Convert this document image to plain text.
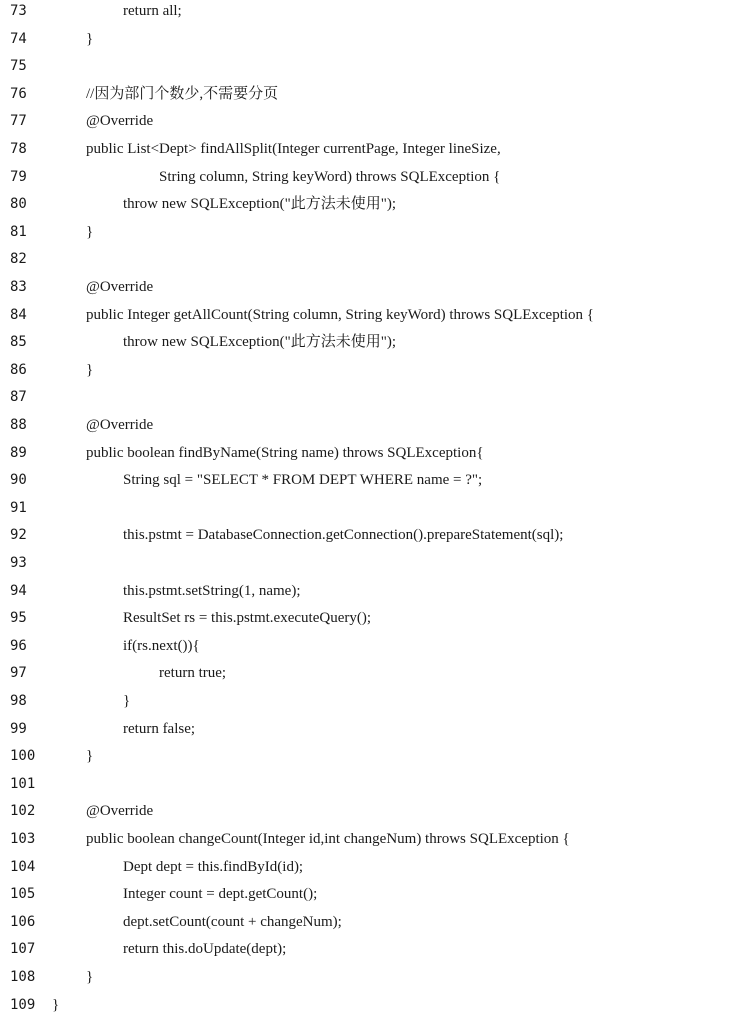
73	return all;
74	}
75
76	//因为部门个数少,不需要分页
77	@Override
78	public List<Dept> findAllSplit(Integer currentPage, Integer lineSize,
79	String column, String keyWord) throws SQLException {
80	throw new SQLException("此方法未使用");
81	}
82
83	@Override
84	public Integer getAllCount(String column, String keyWord) throws SQLException {
85	throw new SQLException("此方法未使用");
86	}
87
88	@Override
89	public boolean findByName(String name) throws SQLException{
90	String sql = "SELECT * FROM DEPT WHERE name = ?";
91
92	this.pstmt = DatabaseConnection.getConnection().prepareStatement(sql);
93
94	this.pstmt.setString(1, name);
95	ResultSet rs = this.pstmt.executeQuery();
96	if(rs.next()){
97	return true;
98	}
99	return false;
100	}
101
102	@Override
103	public boolean changeCount(Integer id,int changeNum) throws SQLException {
104	Dept dept = this.findById(id);
105	Integer count = dept.getCount();
106	dept.setCount(count + changeNum);
107	return this.doUpdate(dept);
108	}
109 }
